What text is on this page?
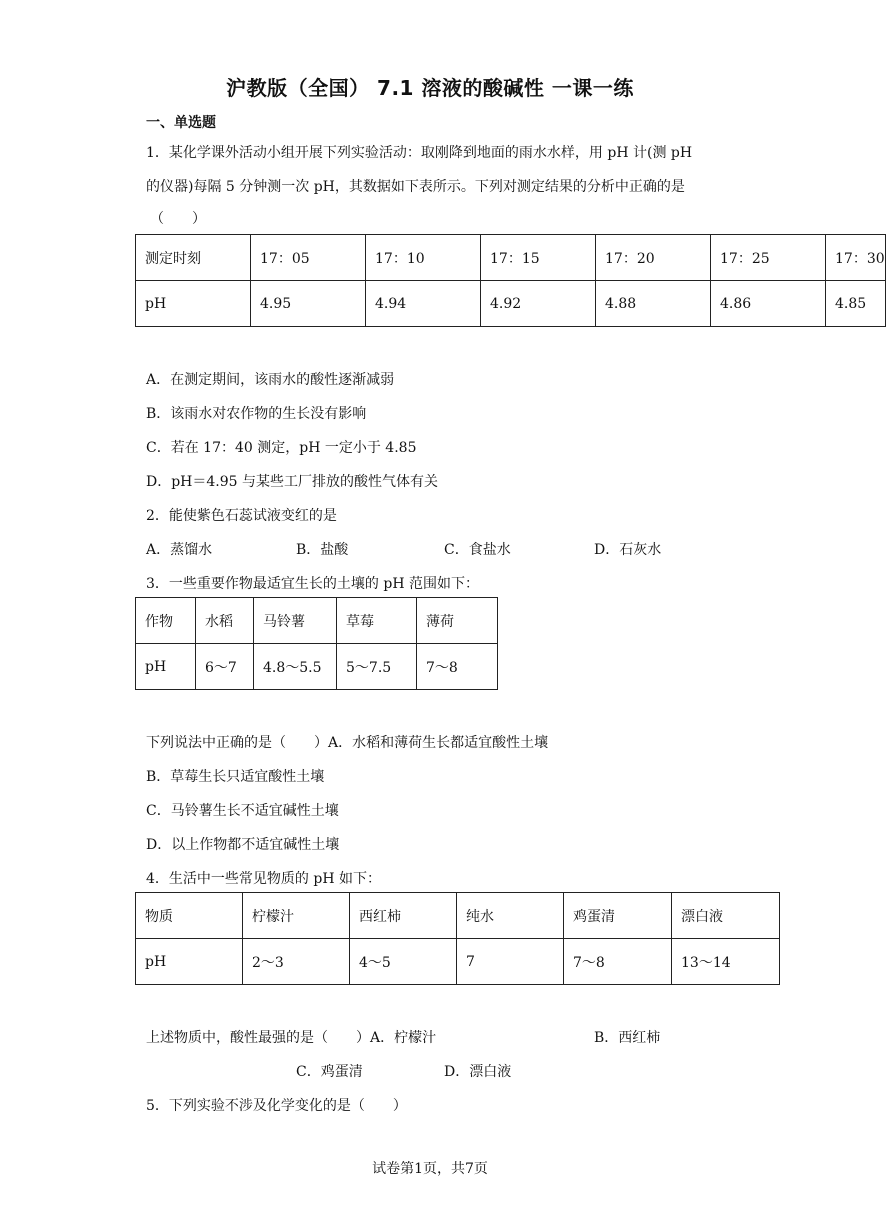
沪教版（全国） 7.1 溶液的酸碱性 一课一练
一、单选题
1．某化学课外活动小组开展下列实验活动：取刚降到地面的雨水水样，用 pH 计(测 pH
的仪器)每隔 5 分钟测一次 pH，其数据如下表所示。下列对测定结果的分析中正确的是
（　　）
测定时刻	17：05	17：10	17：15	17：20	17：25	17：30
pH	4.95	4.94	4.92	4.88	4.86	4.85
A．在测定期间，该雨水的酸性逐渐减弱
B．该雨水对农作物的生长没有影响
C．若在 17：40 测定，pH 一定小于 4.85
D．pH＝4.95 与某些工厂排放的酸性气体有关
2．能使紫色石蕊试液变红的是
A．蒸馏水	B．盐酸	C．食盐水	D．石灰水
3．一些重要作物最适宜生长的土壤的 pH 范围如下：
作物	水稻	马铃薯	草莓	薄荷
pH	6～7	4.8～5.5	5～7.5	7～8
下列说法中正确的是（　　）A．水稻和薄荷生长都适宜酸性土壤
B．草莓生长只适宜酸性土壤
C．马铃薯生长不适宜碱性土壤
D．以上作物都不适宜碱性土壤
4．生活中一些常见物质的 pH 如下：
物质	柠檬汁	西红柿	纯水	鸡蛋清	漂白液
pH	2～3	4～5	7	7～8	13～14
上述物质中，酸性最强的是（　　）A．柠檬汁	B．西红柿
C．鸡蛋清	D．漂白液
5．下列实验不涉及化学变化的是（　　）
试卷第1页，共7页
